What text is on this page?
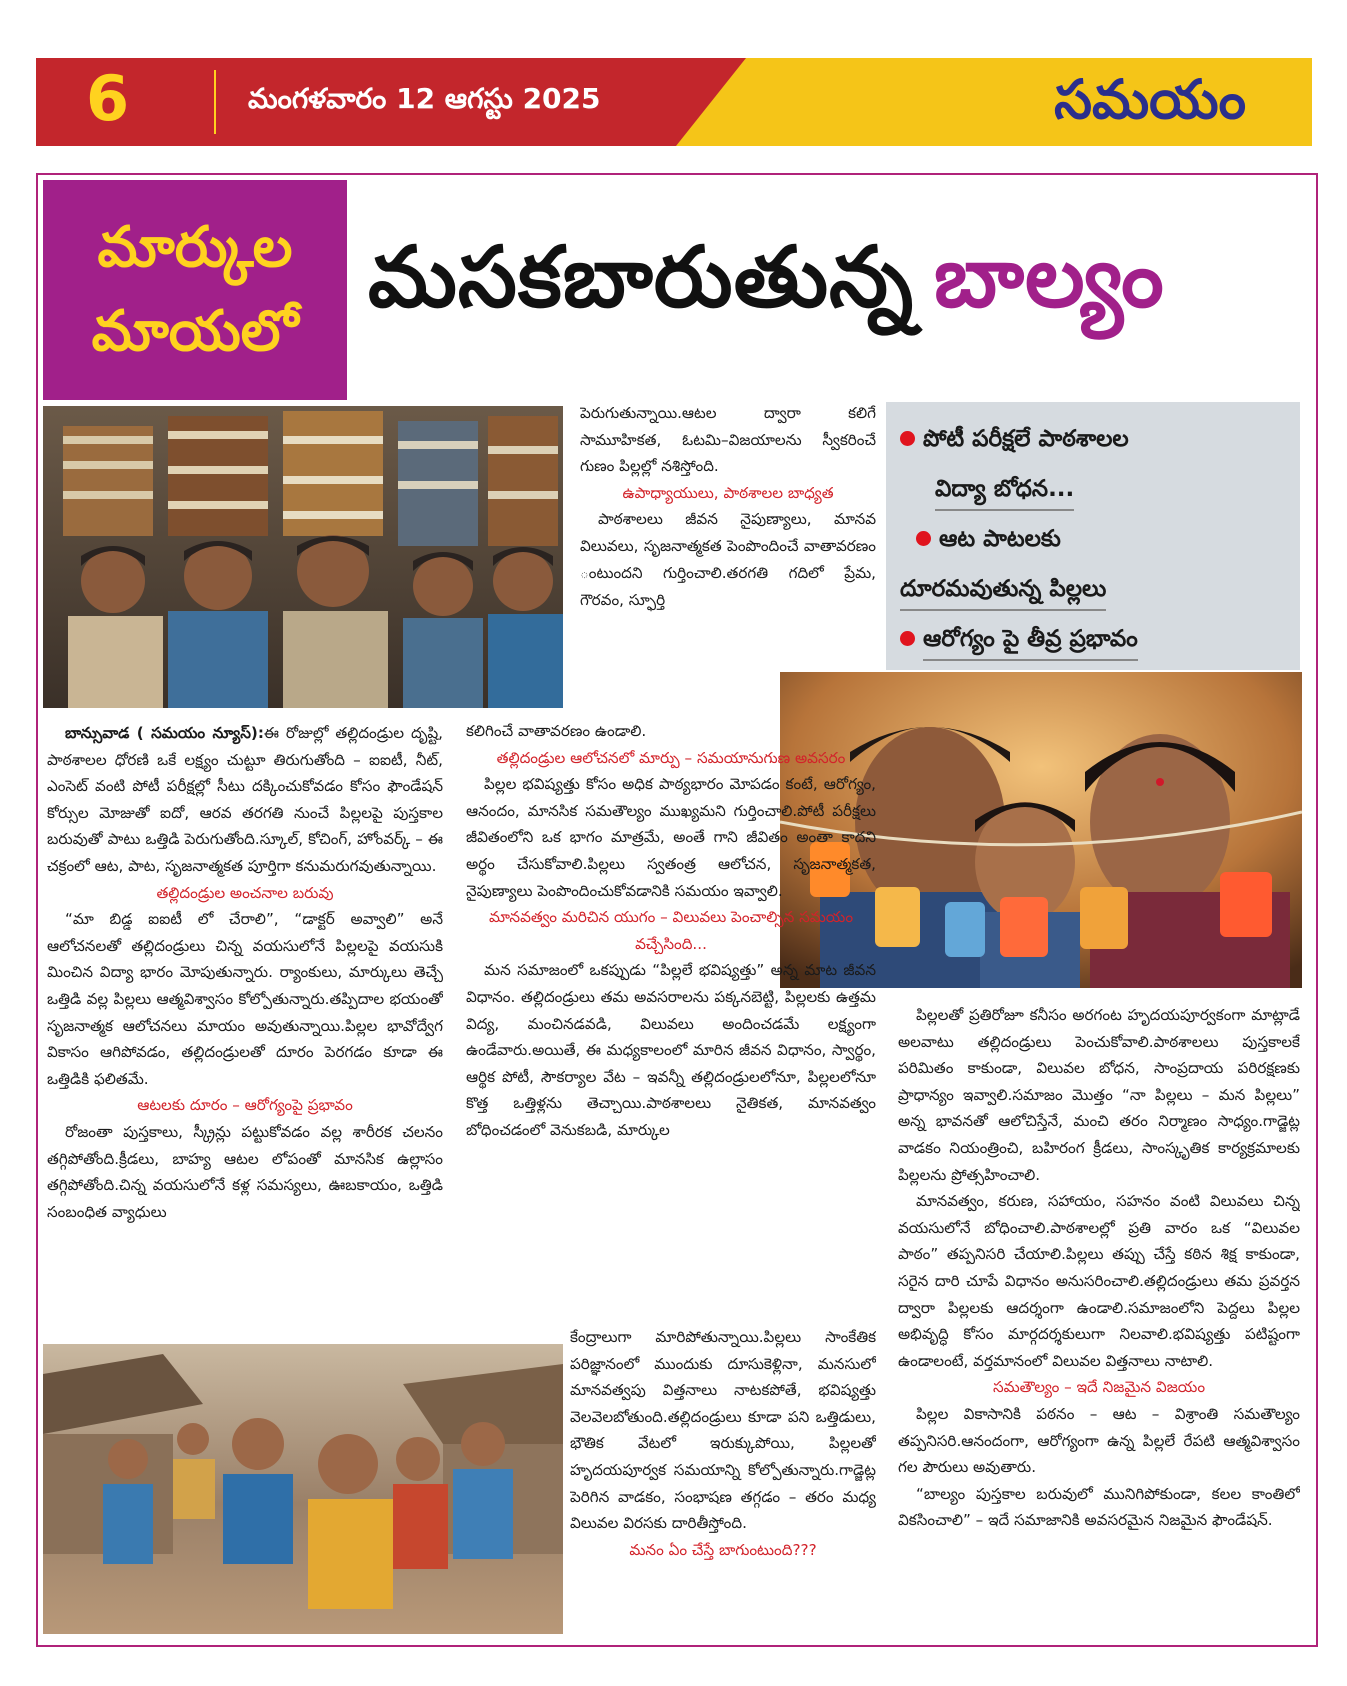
6	మంగళవారం 12 ఆగస్టు 2025	సమయం
మార్కుల
మాయలో
మసకబారుతున్న బాల్యం
పోటీ పరీక్షలే పాఠశాలల
విద్యా బోధన...
ఆట పాటలకు
దూరమవుతున్న పిల్లలు
ఆరోగ్యం పై తీవ్ర ప్రభావం

బాన్సువాడ ( సమయం న్యూస్):ఈ రోజుల్లో తల్లిదండ్రుల దృష్టి, పాఠశాలల ధోరణి ఒకే లక్ష్యం చుట్టూ తిరుగుతోంది – ఐఐటీ, నీట్, ఎంసెట్ వంటి పోటీ పరీక్షల్లో సీటు దక్కించుకోవడం కోసం ఫౌండేషన్ కోర్సుల మోజుతో ఐదో, ఆరవ తరగతి నుంచే పిల్లలపై పుస్తకాల బరువుతో పాటు ఒత్తిడి పెరుగుతోంది.స్కూల్, కోచింగ్, హోంవర్క్ – ఈ చక్రంలో ఆట, పాట, సృజనాత్మకత పూర్తిగా కనుమరుగవుతున్నాయి.

తల్లిదండ్రుల అంచనాల బరువు

“మా బిడ్డ ఐఐటీ లో చేరాలి”, “డాక్టర్ అవ్వాలి” అనే ఆలోచనలతో తల్లిదండ్రులు చిన్న వయసులోనే పిల్లలపై వయసుకి మించిన విద్యా భారం మోపుతున్నారు. ర్యాంకులు, మార్కులు తెచ్చే ఒత్తిడి వల్ల పిల్లలు ఆత్మవిశ్వాసం కోల్పోతున్నారు.తప్పిదాల భయంతో సృజనాత్మక ఆలోచనలు మాయం అవుతున్నాయి.పిల్లల భావోద్వేగ వికాసం ఆగిపోవడం, తల్లిదండ్రులతో దూరం పెరగడం కూడా ఈ ఒత్తిడికి ఫలితమే.

ఆటలకు దూరం – ఆరోగ్యంపై ప్రభావం

రోజంతా పుస్తకాలు, స్క్రీన్లు పట్టుకోవడం వల్ల శారీరక చలనం తగ్గిపోతోంది.క్రీడలు, బాహ్య ఆటల లోపంతో మానసిక ఉల్లాసం తగ్గిపోతోంది.చిన్న వయసులోనే కళ్ల సమస్యలు, ఊబకాయం, ఒత్తిడి సంబంధిత వ్యాధులు

పెరుగుతున్నాయి.ఆటల ద్వారా కలిగే సామూహికత, ఓటమి–విజయాలను స్వీకరించే గుణం పిల్లల్లో నశిస్తోంది.

ఉపాధ్యాయులు, పాఠశాలల బాధ్యత

పాఠశాలలు జీవన నైపుణ్యాలు, మానవ విలువలు, సృజనాత్మకత పెంపొందించే వాతావరణం

ంటుందని గుర్తించాలి.తరగతి గదిలో ప్రేమ, గౌరవం, స్ఫూర్తి

కలిగించే వాతావరణం ఉండాలి.

తల్లిదండ్రుల ఆలోచనలో మార్పు – సమయానుగుణ అవసరం

పిల్లల భవిష్యత్తు కోసం అధిక పాఠ్యభారం మోపడం కంటే, ఆరోగ్యం, ఆనందం, మానసిక సమతౌల్యం ముఖ్యమని గుర్తించాలి.పోటీ పరీక్షలు జీవితంలోని ఒక భాగం మాత్రమే, అంతే గాని జీవితం అంతా కాదని అర్థం చేసుకోవాలి.పిల్లలు స్వతంత్ర ఆలోచన, సృజనాత్మకత, నైపుణ్యాలు పెంపొందించుకోవడానికి సమయం ఇవ్వాలి.

మానవత్వం మరిచిన యుగం – విలువలు పెంచాల్సిన సమయం వచ్చేసింది...

మన సమాజంలో ఒకప్పుడు “పిల్లలే భవిష్యత్తు” అన్న మాట జీవన విధానం. తల్లిదండ్రులు తమ అవసరాలను పక్కనబెట్టి, పిల్లలకు ఉత్తమ విద్య, మంచినడవడి, విలువలు అందించడమే లక్ష్యంగా ఉండేవారు.అయితే, ఈ మధ్యకాలంలో మారిన జీవన విధానం, స్వార్థం, ఆర్థిక పోటీ, సౌకర్యాల వేట – ఇవన్నీ తల్లిదండ్రులలోనూ, పిల్లలలోనూ కొత్త ఒత్తిళ్లను తెచ్చాయి.పాఠశాలలు నైతికత, మానవత్వం బోధించడంలో వెనుకబడి, మార్కుల

కేంద్రాలుగా మారిపోతున్నాయి.పిల్లలు సాంకేతిక పరిజ్ఞానంలో ముందుకు దూసుకెళ్లినా, మనసులో మానవత్వపు విత్తనాలు నాటకపోతే, భవిష్యత్తు వెలవెలబోతుంది.తల్లిదండ్రులు కూడా పని ఒత్తిడులు, భౌతిక వేటలో ఇరుక్కుపోయి, పిల్లలతో హృదయపూర్వక సమయాన్ని కోల్పోతున్నారు.గాడ్జెట్ల పెరిగిన వాడకం, సంభాషణ తగ్గడం – తరం మధ్య విలువల విరసకు దారితీస్తోంది.

మనం ఏం చేస్తే బాగుంటుంది???

పిల్లలతో ప్రతిరోజూ కనీసం అరగంట హృదయపూర్వకంగా మాట్లాడే అలవాటు తల్లిదండ్రులు పెంచుకోవాలి.పాఠశాలలు పుస్తకాలకే పరిమితం కాకుండా, విలువల బోధన, సాంప్రదాయ పరిరక్షణకు ప్రాధాన్యం ఇవ్వాలి.సమాజం మొత్తం “నా పిల్లలు – మన పిల్లలు” అన్న భావనతో ఆలోచిస్తేనే, మంచి తరం నిర్మాణం సాధ్యం.గాడ్జెట్ల వాడకం నియంత్రించి, బహిరంగ క్రీడలు, సాంస్కృతిక కార్యక్రమాలకు పిల్లలను ప్రోత్సహించాలి.

మానవత్వం, కరుణ, సహాయం, సహనం వంటి విలువలు చిన్న వయసులోనే బోధించాలి.పాఠశాలల్లో ప్రతి వారం ఒక “విలువల పాఠం” తప్పనిసరి చేయాలి.పిల్లలు తప్పు చేస్తే కఠిన శిక్ష కాకుండా, సరైన దారి చూపే విధానం అనుసరించాలి.తల్లిదండ్రులు తమ ప్రవర్తన ద్వారా పిల్లలకు ఆదర్శంగా ఉండాలి.సమాజంలోని పెద్దలు పిల్లల అభివృద్ధి కోసం మార్గదర్శకులుగా నిలవాలి.భవిష్యత్తు పటిష్టంగా ఉండాలంటే, వర్తమానంలో విలువల విత్తనాలు నాటాలి.

సమతౌల్యం – ఇదే నిజమైన విజయం

పిల్లల వికాసానికి పఠనం – ఆట – విశ్రాంతి సమతౌల్యం తప్పనిసరి.ఆనందంగా, ఆరోగ్యంగా ఉన్న పిల్లలే రేపటి ఆత్మవిశ్వాసం గల పౌరులు అవుతారు.

“బాల్యం పుస్తకాల బరువులో మునిగిపోకుండా, కలల కాంతిలో వికసించాలి” – ఇదే సమాజానికి అవసరమైన నిజమైన ఫౌండేషన్.
